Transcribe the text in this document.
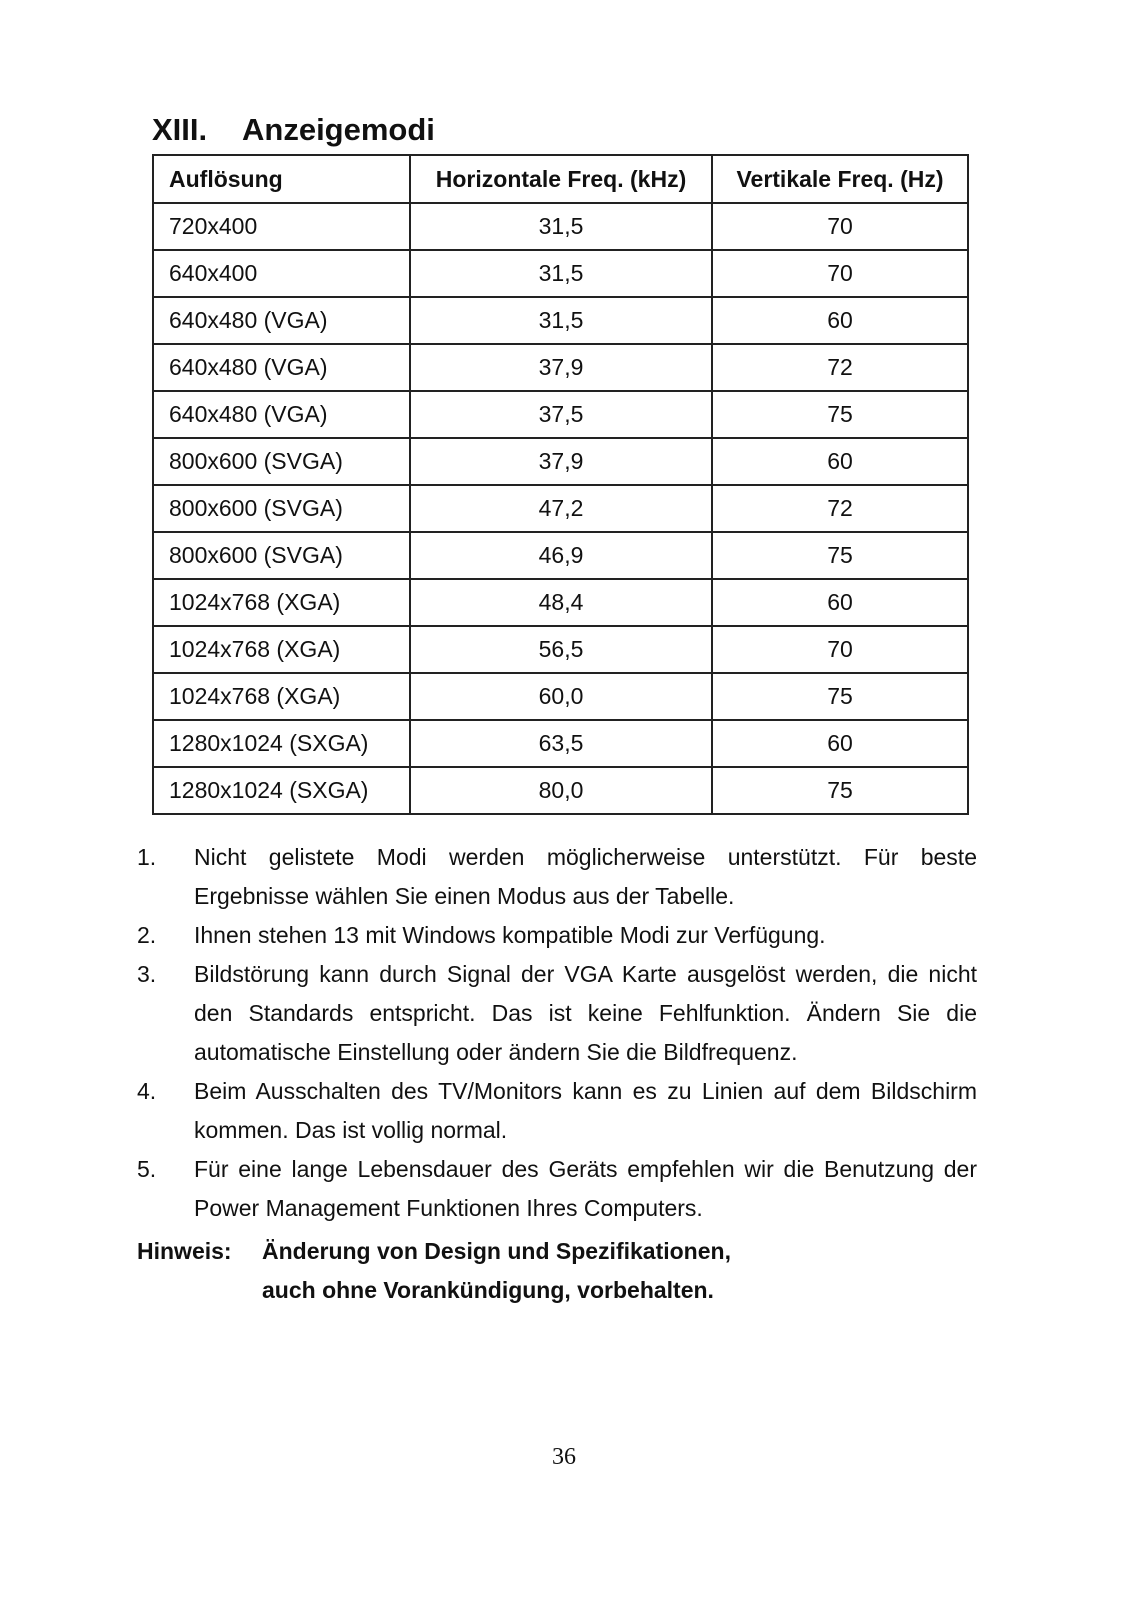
XIII. Anzeigemodi
Auflösung	Horizontale Freq. (kHz)	Vertikale Freq. (Hz)
720x400	31,5	70
640x400	31,5	70
640x480 (VGA)	31,5	60
640x480 (VGA)	37,9	72
640x480 (VGA)	37,5	75
800x600 (SVGA)	37,9	60
800x600 (SVGA)	47,2	72
800x600 (SVGA)	46,9	75
1024x768 (XGA)	48,4	60
1024x768 (XGA)	56,5	70
1024x768 (XGA)	60,0	75
1280x1024 (SXGA)	63,5	60
1280x1024 (SXGA)	80,0	75
1. Nicht gelistete Modi werden möglicherweise unterstützt. Für beste Ergebnisse wählen Sie einen Modus aus der Tabelle.
2. Ihnen stehen 13 mit Windows kompatible Modi zur Verfügung.
3. Bildstörung kann durch Signal der VGA Karte ausgelöst werden, die nicht den Standards entspricht. Das ist keine Fehlfunktion. Ändern Sie die automatische Einstellung oder ändern Sie die Bildfrequenz.
4. Beim Ausschalten des TV/Monitors kann es zu Linien auf dem Bildschirm kommen. Das ist vollig normal.
5. Für eine lange Lebensdauer des Geräts empfehlen wir die Benutzung der Power Management Funktionen Ihres Computers.
Hinweis: Änderung von Design und Spezifikationen,
auch ohne Vorankündigung, vorbehalten.
36
